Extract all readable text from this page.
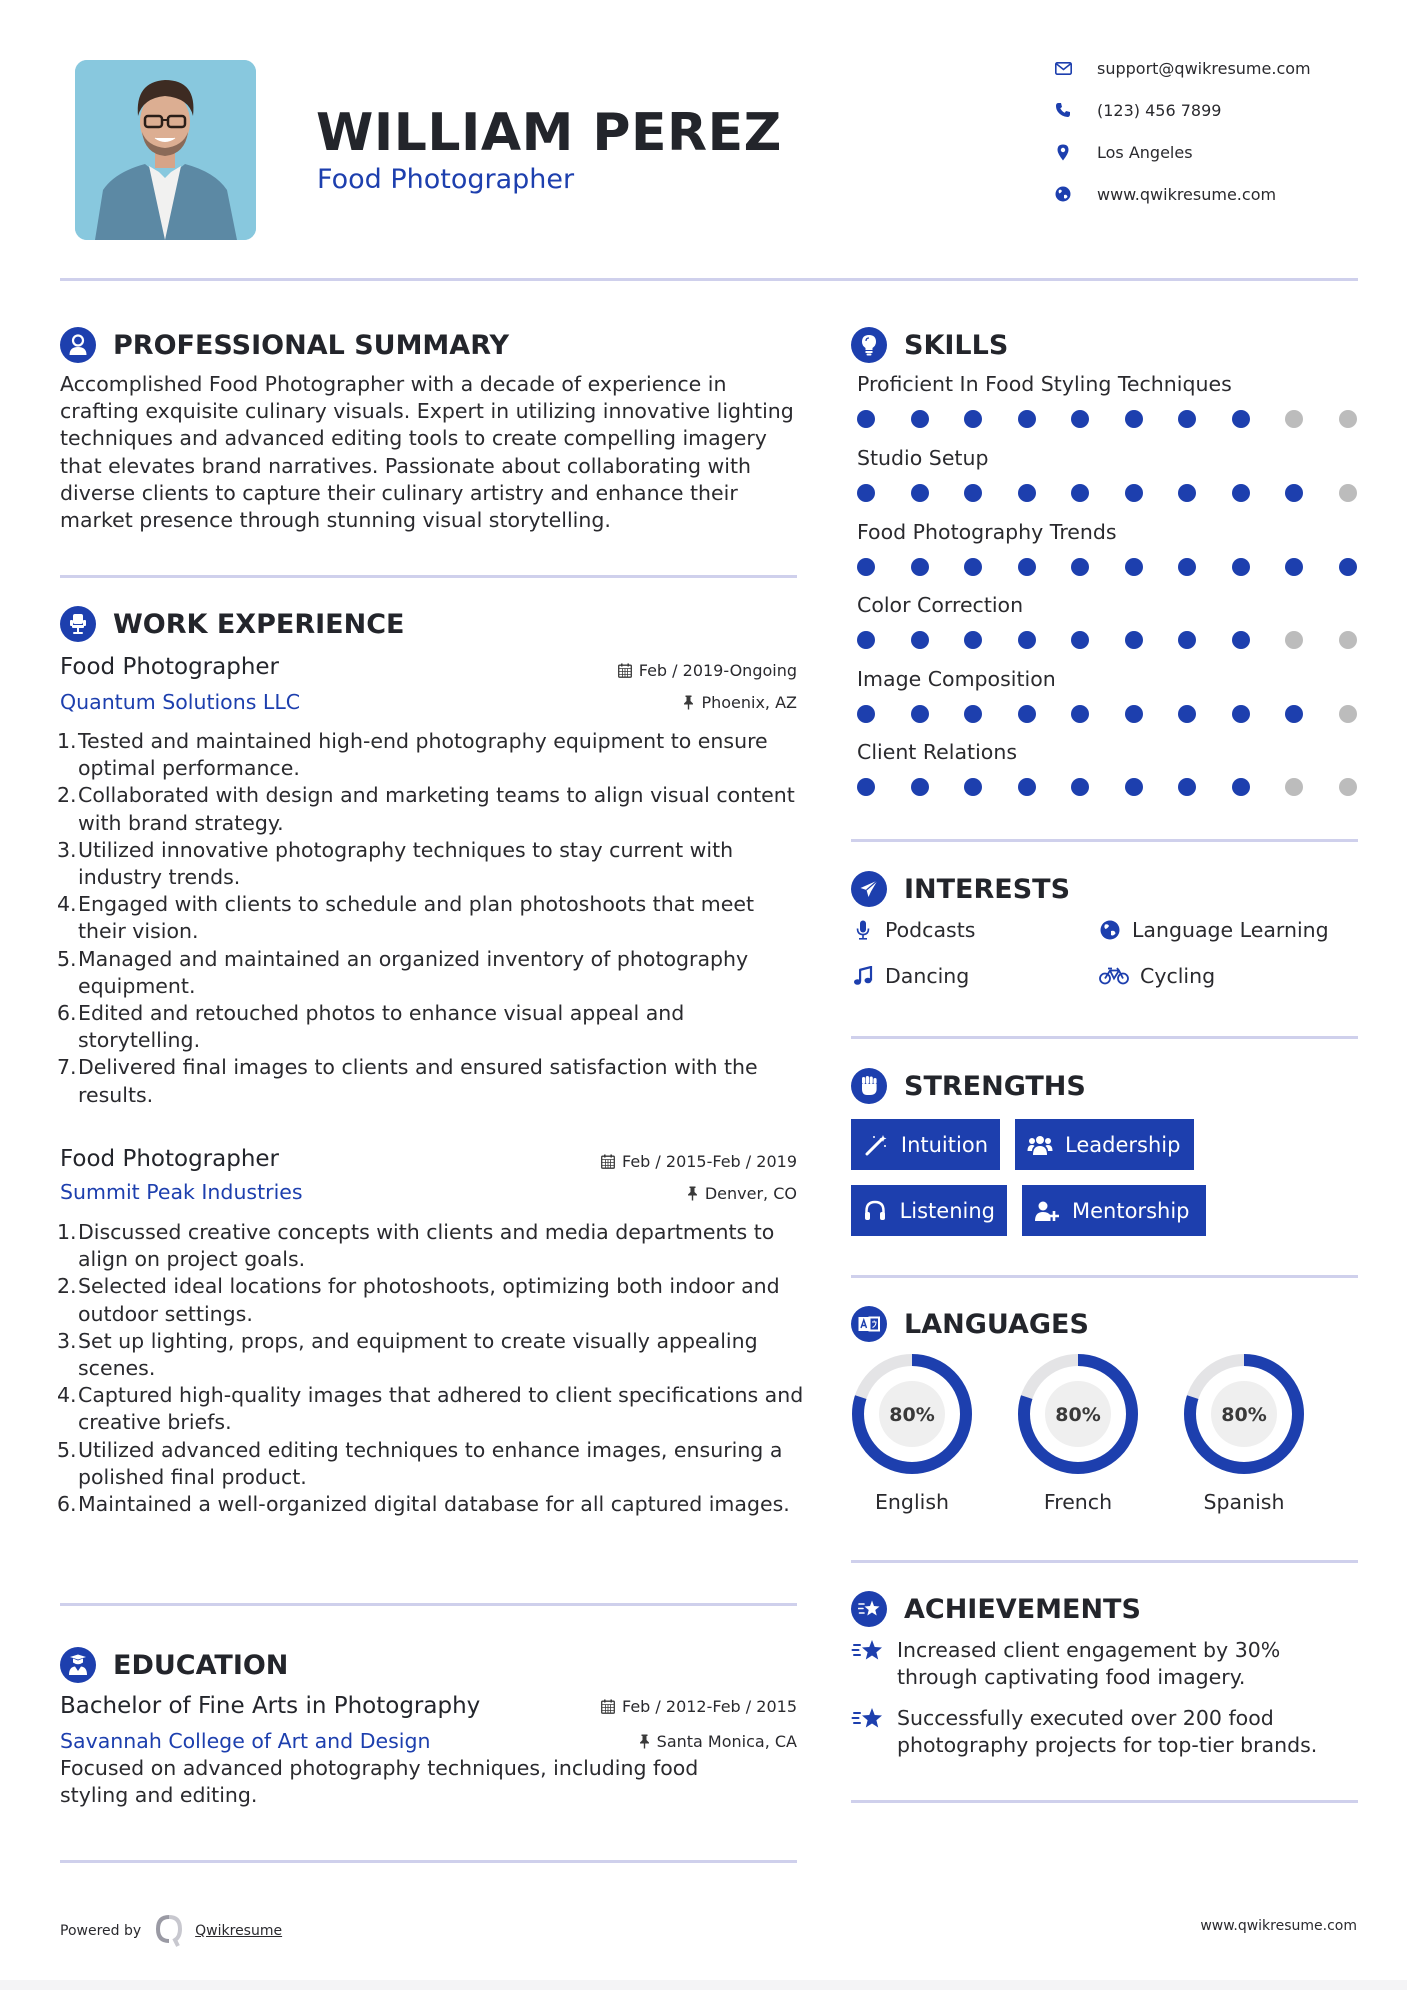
WILLIAM PEREZ
Food Photographer
support@qwikresume.com
(123) 456 7899
Los Angeles
www.qwikresume.com
PROFESSIONAL SUMMARY
Accomplished Food Photographer with a decade of experience in crafting exquisite culinary visuals. Expert in utilizing innovative lighting techniques and advanced editing tools to create compelling imagery that elevates brand narratives. Passionate about collaborating with diverse clients to capture their culinary artistry and enhance their market presence through stunning visual storytelling.
WORK EXPERIENCE
Food Photographer	Feb / 2019-Ongoing
Quantum Solutions LLC	Phoenix, AZ
1. Tested and maintained high-end photography equipment to ensure optimal performance.
2. Collaborated with design and marketing teams to align visual content with brand strategy.
3. Utilized innovative photography techniques to stay current with industry trends.
4. Engaged with clients to schedule and plan photoshoots that meet their vision.
5. Managed and maintained an organized inventory of photography equipment.
6. Edited and retouched photos to enhance visual appeal and storytelling.
7. Delivered final images to clients and ensured satisfaction with the results.
Food Photographer	Feb / 2015-Feb / 2019
Summit Peak Industries	Denver, CO
1. Discussed creative concepts with clients and media departments to align on project goals.
2. Selected ideal locations for photoshoots, optimizing both indoor and outdoor settings.
3. Set up lighting, props, and equipment to create visually appealing scenes.
4. Captured high-quality images that adhered to client specifications and creative briefs.
5. Utilized advanced editing techniques to enhance images, ensuring a polished final product.
6. Maintained a well-organized digital database for all captured images.
EDUCATION
Bachelor of Fine Arts in Photography	Feb / 2012-Feb / 2015
Savannah College of Art and Design	Santa Monica, CA
Focused on advanced photography techniques, including food styling and editing.
SKILLS
Proficient In Food Styling Techniques
Studio Setup
Food Photography Trends
Color Correction
Image Composition
Client Relations
INTERESTS
Podcasts	Language Learning
Dancing	Cycling
STRENGTHS
Intuition	Leadership
Listening	Mentorship
LANGUAGES
80%
English
80%
French
80%
Spanish
ACHIEVEMENTS
Increased client engagement by 30% through captivating food imagery.
Successfully executed over 200 food photography projects for top-tier brands.
Powered by	Qwikresume	www.qwikresume.com
